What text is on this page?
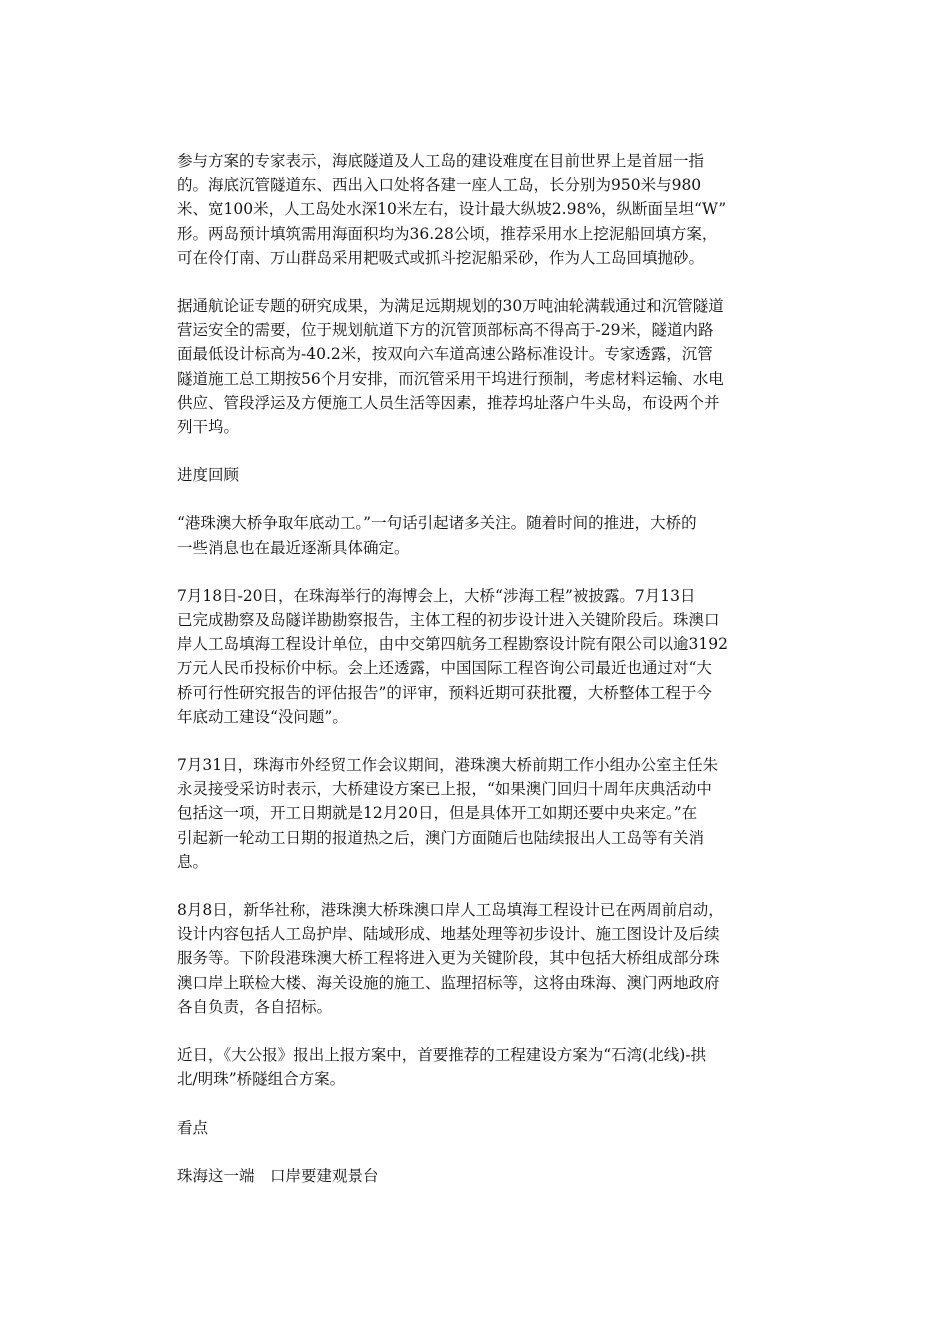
参与方案的专家表示，海底隧道及人工岛的建设难度在目前世界上是首屈一指
的。海底沉管隧道东、西出入口处将各建一座人工岛，长分别为950米与980
米、宽100米，人工岛处水深10米左右，设计最大纵坡2.98%，纵断面呈坦“W”
形。两岛预计填筑需用海面积均为36.28公顷，推荐采用水上挖泥船回填方案，
可在伶仃南、万山群岛采用耙吸式或抓斗挖泥船采砂，作为人工岛回填抛砂。
据通航论证专题的研究成果，为满足远期规划的30万吨油轮满载通过和沉管隧道
营运安全的需要，位于规划航道下方的沉管顶部标高不得高于-29米，隧道内路
面最低设计标高为-40.2米，按双向六车道高速公路标准设计。专家透露，沉管
隧道施工总工期按56个月安排，而沉管采用干坞进行预制，考虑材料运输、水电
供应、管段浮运及方便施工人员生活等因素，推荐坞址落户牛头岛，布设两个并
列干坞。
进度回顾
“港珠澳大桥争取年底动工。”一句话引起诸多关注。随着时间的推进，大桥的
一些消息也在最近逐渐具体确定。
7月18日-20日，在珠海举行的海博会上，大桥“涉海工程”被披露。7月13日
已完成勘察及岛隧详勘勘察报告，主体工程的初步设计进入关键阶段后。珠澳口
岸人工岛填海工程设计单位，由中交第四航务工程勘察设计院有限公司以逾3192
万元人民币投标价中标。会上还透露，中国国际工程咨询公司最近也通过对“大
桥可行性研究报告的评估报告”的评审，预料近期可获批覆，大桥整体工程于今
年底动工建设“没问题”。
7月31日，珠海市外经贸工作会议期间，港珠澳大桥前期工作小组办公室主任朱
永灵接受采访时表示，大桥建设方案已上报，“如果澳门回归十周年庆典活动中
包括这一项，开工日期就是12月20日，但是具体开工如期还要中央来定。”在
引起新一轮动工日期的报道热之后，澳门方面随后也陆续报出人工岛等有关消
息。
8月8日，新华社称，港珠澳大桥珠澳口岸人工岛填海工程设计已在两周前启动，
设计内容包括人工岛护岸、陆域形成、地基处理等初步设计、施工图设计及后续
服务等。下阶段港珠澳大桥工程将进入更为关键阶段，其中包括大桥组成部分珠
澳口岸上联检大楼、海关设施的施工、监理招标等，这将由珠海、澳门两地政府
各自负责，各自招标。
近日，《大公报》报出上报方案中，首要推荐的工程建设方案为“石湾(北线)-拱
北/明珠”桥隧组合方案。
看点
珠海这一端　口岸要建观景台
